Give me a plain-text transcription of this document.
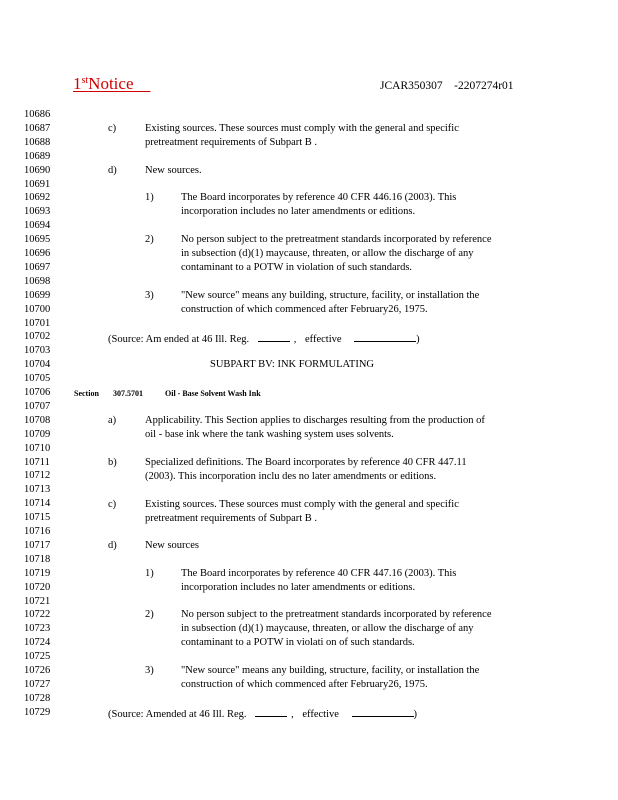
1stNotice	JCAR350307    -2207274r01
10686
10687
10688
10689
10690
10691
10692
10693
10694
10695
10696
10697
10698
10699
10700
10701
10702
10703
10704
10705
10706
10707
10708
10709
10710
10711
10712
10713
10714
10715
10716
10717
10718
10719
10720
10721
10722
10723
10724
10725
10726
10727
10728
10729
c)	Existing sources. These sources must comply with the general and specific
pretreatment requirements of Subpart B .
d)	New sources.
1)	The Board incorporates by reference 40 CFR 446.16 (2003). This
incorporation includes no later amendments or editions.
2)	No person subject to the pretreatment standards incorporated by reference
in subsection (d)(1) maycause, threaten, or allow the discharge of any
contaminant to a POTW in violation of such standards.
3)	"New source" means any building, structure, facility, or installation the
construction of which commenced after February26, 1975.
(Source: Am ended at 46 Ill. Reg.	, effective	)
SUBPART BV: INK FORMULATING
Section 307.5701	Oil - Base Solvent Wash Ink
a)	Applicability. This Section applies to discharges resulting from the production of
oil - base ink where the tank washing system uses solvents.
b)	Specialized definitions. The Board incorporates by reference 40 CFR 447.11
(2003). This incorporation inclu des no later amendments or editions.
c)	Existing sources. These sources must comply with the general and specific
pretreatment requirements of Subpart B .
d)	New sources
1)	The Board incorporates by reference 40 CFR 447.16 (2003). This
incorporation includes no later amendments or editions.
2)	No person subject to the pretreatment standards incorporated by reference
in subsection (d)(1) maycause, threaten, or allow the discharge of any
contaminant to a POTW in violati on of such standards.
3)	"New source" means any building, structure, facility, or installation the
construction of which commenced after February26, 1975.
(Source: Amended at 46 Ill. Reg.	, effective	)
